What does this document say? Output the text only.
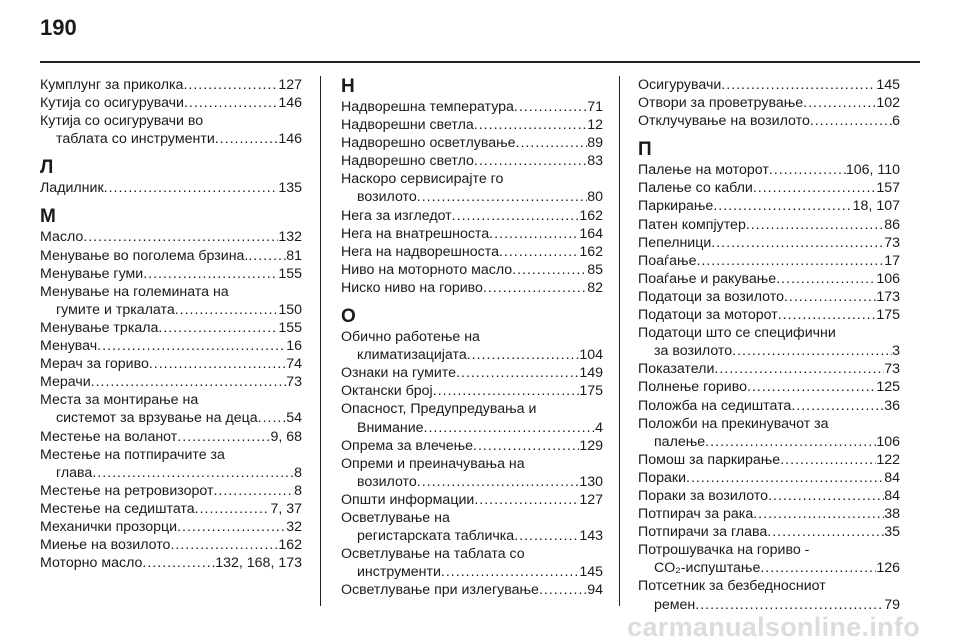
190
Кумплунг за приколка .....	127
Кутија со осигурувачи .....	146
Кутија со осигурувачи во
таблата со инструменти .....	146
Л
Ладилник .....	135
М
Масло .....	132
Менување во поголема брзина. .....	81
Менување гуми .....	155
Менување на големината на
гумите и тркалата .....	150
Менување тркала .....	155
Менувач .....	16
Мерач за гориво .....	74
Мерачи .....	73
Места за монтирање на
системот за врзување на деца ..... 54
Местење на воланот .....	9, 68
Местење на потпирачите за
глава .....	8
Местење на ретровизорот .....	8
Местење на седиштата .....	7, 37
Механички прозорци .....	32
Миење на возилото .....	162
Моторно масло .....	132, 168, 173
Н
Надворешна температура .....	71
Надворешни светла .....	12
Надворешно осветлување .....	89
Надворешно светло .....	83
Наскоро сервисирајте го
возилото .....	80
Нега за изгледот .....	162
Нега на внатрешноста .....	164
Нега на надворешноста .....	162
Ниво на моторното масло .....	85
Ниско ниво на гориво .....	82
О
Обично работење на
климатизацијата .....	104
Ознаки на гумите .....	149
Октански број .....	175
Опасност, Предупредувања и
Внимание .....	4
Опрема за влечење .....	129
Опреми и преиначувања на
возилото .....	130
Општи информации .....	127
Осветлување на
регистарската табличка .....	143
Осветлување на таблата со
инструменти .....	145
Осветлување при излегување .....	94
Осигурувачи .....	145
Отвори за проветрување .....	102
Отклучување на возилото .....	6
П
Палење на моторот .....	106, 110
Палење со кабли .....	157
Паркирање .....	18, 107
Патен компјутер .....	86
Пепелници .....	73
Поаѓање .....	17
Поаѓање и ракување .....	106
Податоци за возилото .....	173
Податоци за моторот .....	175
Податоци што се специфични
за возилото .....	3
Показатели .....	73
Полнење гориво .....	125
Положба на седиштата .....	36
Положби на прекинувачот за
палење .....	106
Помош за паркирање .....	122
Пораки .....	84
Пораки за возилото .....	84
Потпирач за рака .....	38
Потпирачи за глава .....	35
Потрошувачка на гориво -
CO₂-испуштање .....	126
Потсетник за безбедносниот
ремен .....	79
carmanualsonline.info
